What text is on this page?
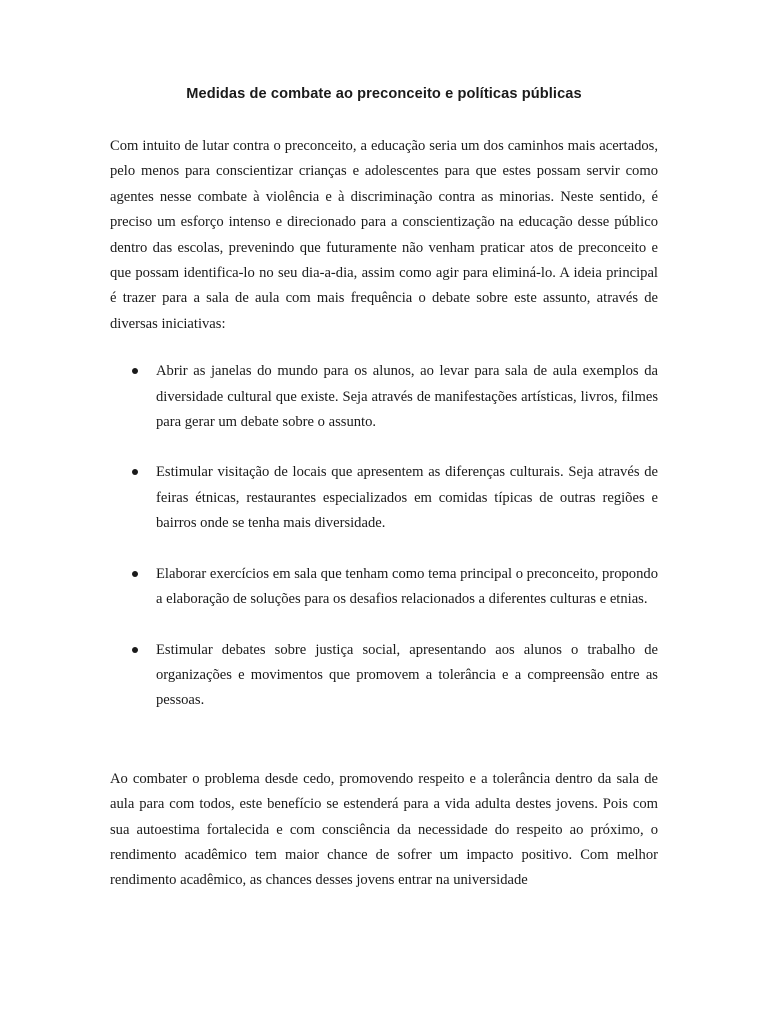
Medidas de combate ao preconceito e políticas públicas

Com intuito de lutar contra o preconceito, a educação seria um dos caminhos mais acertados, pelo menos para conscientizar crianças e adolescentes para que estes possam servir como agentes nesse combate à violência e à discriminação contra as minorias. Neste sentido, é preciso um esforço intenso e direcionado para a conscientização na educação desse público dentro das escolas, prevenindo que futuramente não venham praticar atos de preconceito e que possam identifica-lo no seu dia-a-dia, assim como agir para eliminá-lo. A ideia principal é trazer para a sala de aula com mais frequência o debate sobre este assunto, através de diversas iniciativas:

Abrir as janelas do mundo para os alunos, ao levar para sala de aula exemplos da diversidade cultural que existe. Seja através de manifestações artísticas, livros, filmes para gerar um debate sobre o assunto.

Estimular visitação de locais que apresentem as diferenças culturais. Seja através de feiras étnicas, restaurantes especializados em comidas típicas de outras regiões e bairros onde se tenha mais diversidade.

Elaborar exercícios em sala que tenham como tema principal o preconceito, propondo a elaboração de soluções para os desafios relacionados a diferentes culturas e etnias.

Estimular debates sobre justiça social, apresentando aos alunos o trabalho de organizações e movimentos que promovem a tolerância e a compreensão entre as pessoas.

Ao combater o problema desde cedo, promovendo respeito e a tolerância dentro da sala de aula para com todos, este benefício se estenderá para a vida adulta destes jovens. Pois com sua autoestima fortalecida e com consciência da necessidade do respeito ao próximo, o rendimento acadêmico tem maior chance de sofrer um impacto positivo. Com melhor rendimento acadêmico, as chances desses jovens entrar na universidade
